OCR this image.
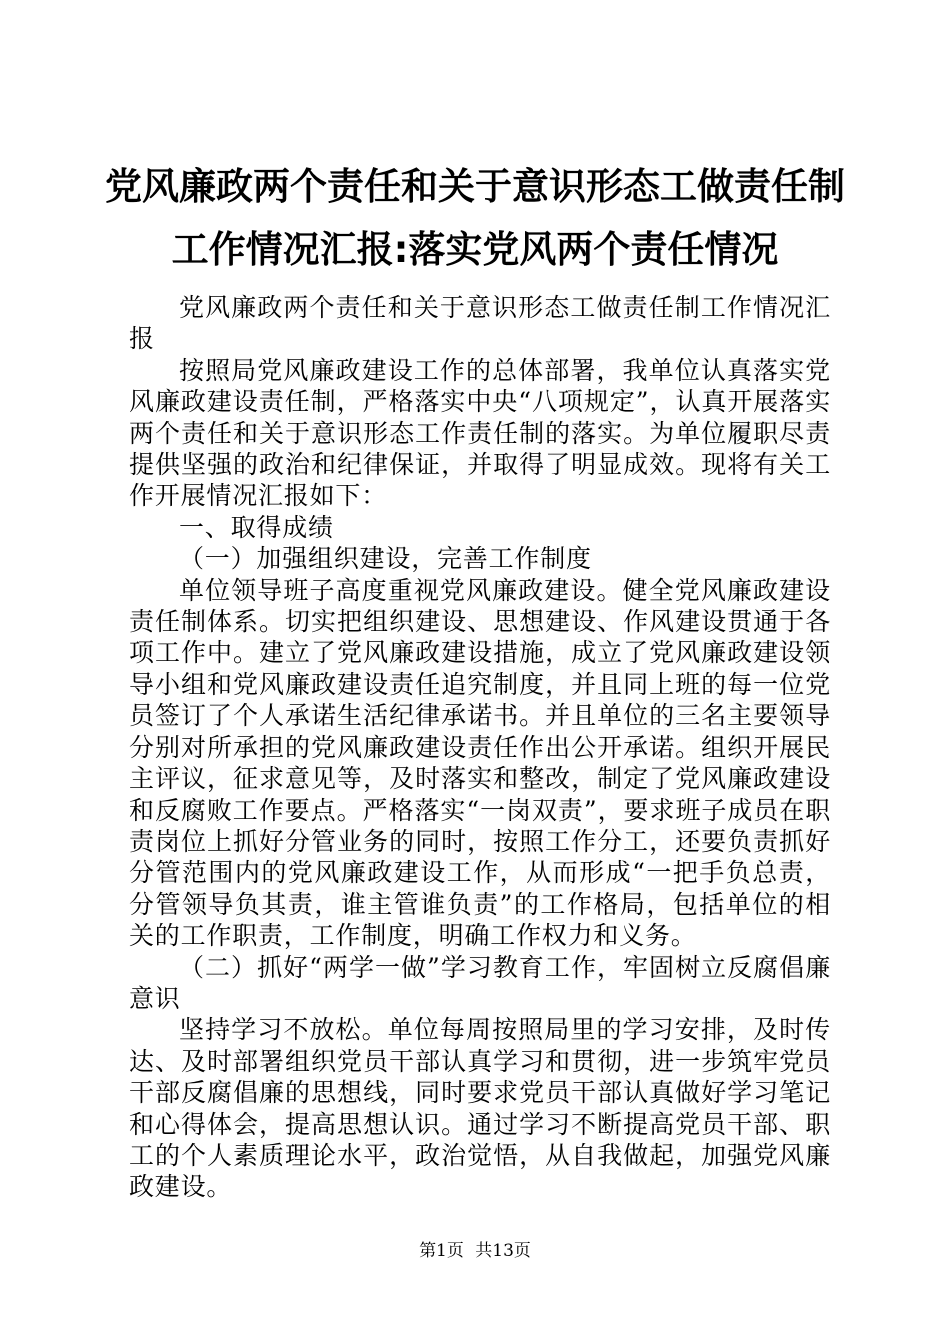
党风廉政两个责任和关于意识形态工做责任制
工作情况汇报:落实党风两个责任情况

党风廉政两个责任和关于意识形态工做责任制工作情况汇报

按照局党风廉政建设工作的总体部署，我单位认真落实党风廉政建设责任制，严格落实中央“八项规定”，认真开展落实两个责任和关于意识形态工作责任制的落实。为单位履职尽责提供坚强的政治和纪律保证，并取得了明显成效。现将有关工作开展情况汇报如下：

一、取得成绩

（一）加强组织建设，完善工作制度

单位领导班子高度重视党风廉政建设。健全党风廉政建设责任制体系。切实把组织建设、思想建设、作风建设贯通于各项工作中。建立了党风廉政建设措施，成立了党风廉政建设领导小组和党风廉政建设责任追究制度，并且同上班的每一位党员签订了个人承诺生活纪律承诺书。并且单位的三名主要领导分别对所承担的党风廉政建设责任作出公开承诺。组织开展民主评议，征求意见等，及时落实和整改，制定了党风廉政建设和反腐败工作要点。严格落实“一岗双责”，要求班子成员在职责岗位上抓好分管业务的同时，按照工作分工，还要负责抓好分管范围内的党风廉政建设工作，从而形成“一把手负总责，分管领导负其责，谁主管谁负责”的工作格局，包括单位的相关的工作职责，工作制度，明确工作权力和义务。

（二）抓好“两学一做”学习教育工作，牢固树立反腐倡廉意识

坚持学习不放松。单位每周按照局里的学习安排，及时传达、及时部署组织党员干部认真学习和贯彻，进一步筑牢党员干部反腐倡廉的思想线，同时要求党员干部认真做好学习笔记和心得体会，提高思想认识。通过学习不断提高党员干部、职工的个人素质理论水平，政治觉悟，从自我做起，加强党风廉政建设。

第1页 共13页
